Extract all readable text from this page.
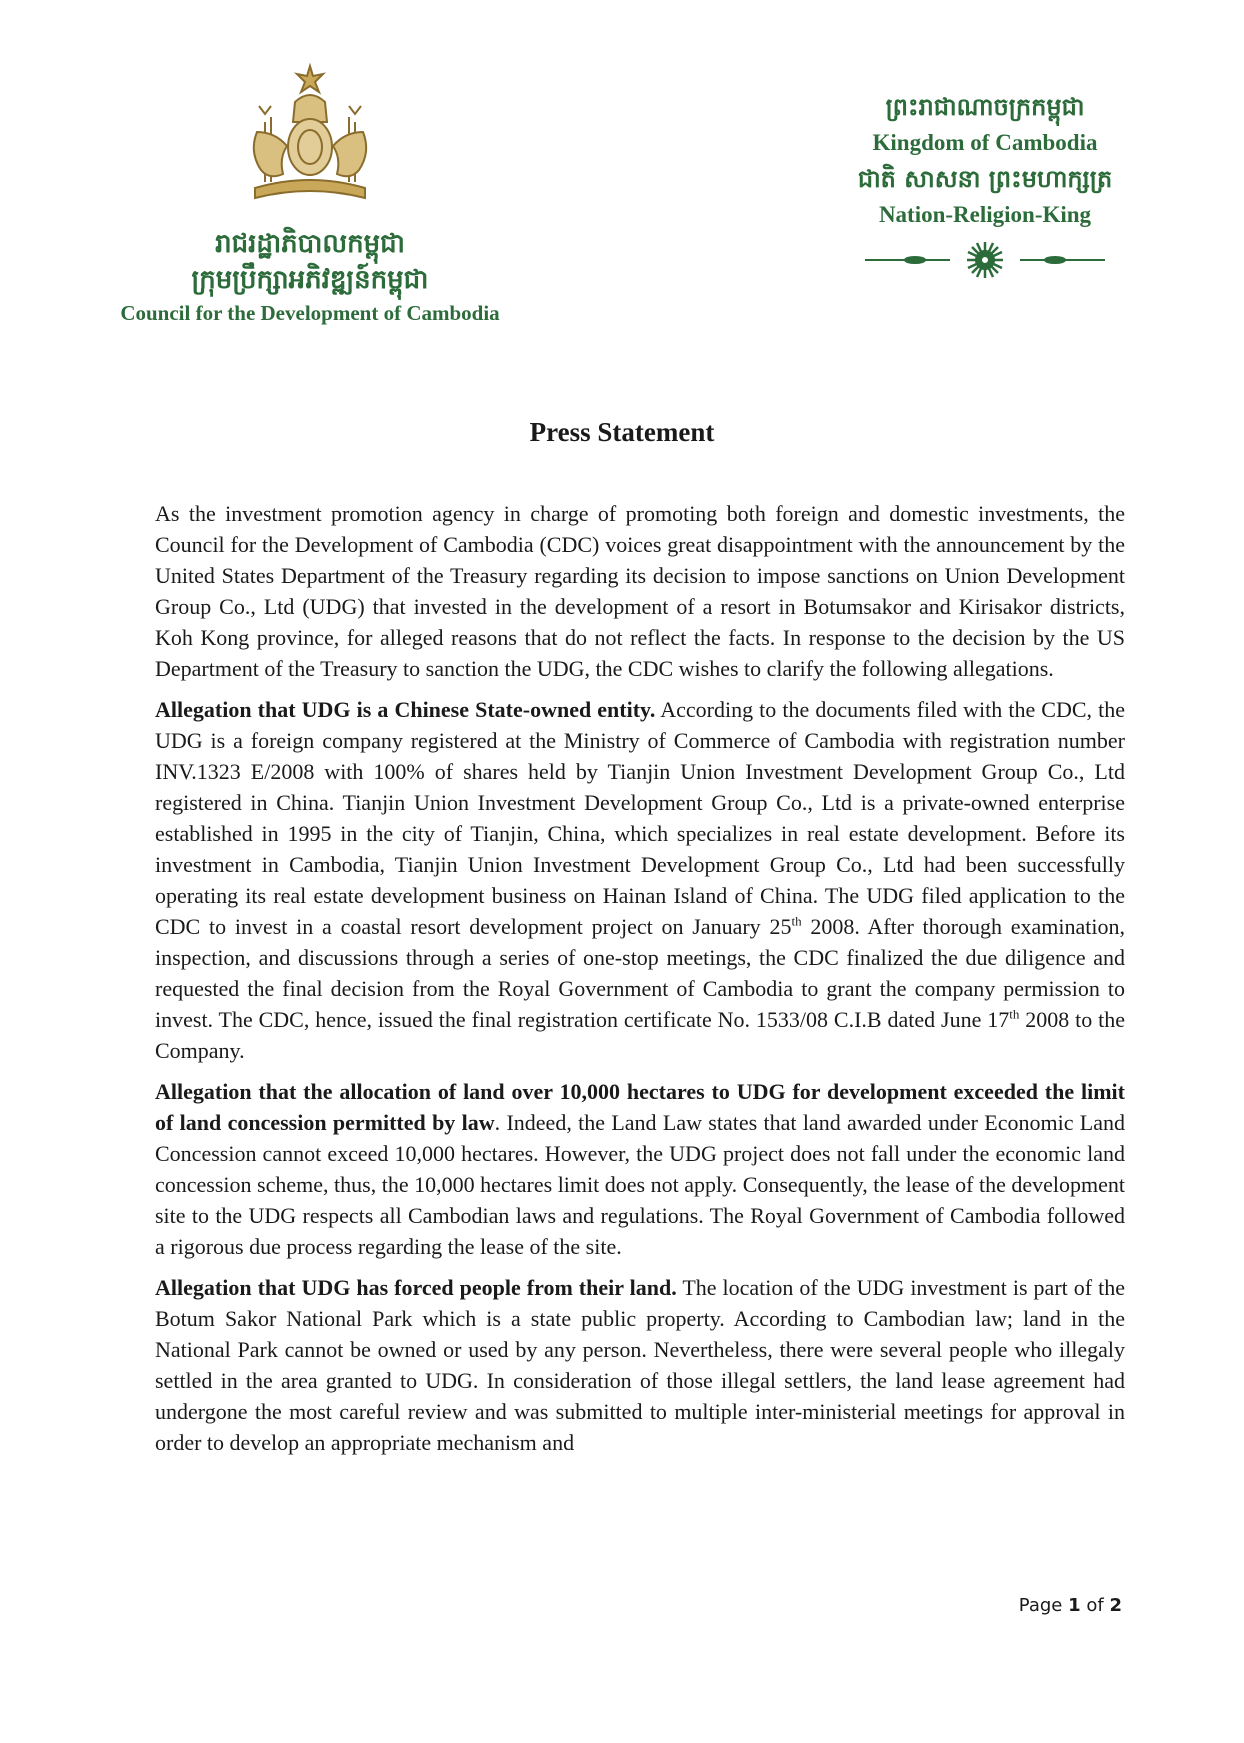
រាជរដ្ឋាភិបាលកម្ពុជា
ក្រុមប្រឹក្សាអភិវឌ្ឍន៍កម្ពុជា
Council for the Development of Cambodia
ព្រះរាជាណាចក្រកម្ពុជា
Kingdom of Cambodia
ជាតិ សាសនា ព្រះមហាក្សត្រ
Nation-Religion-King
Press Statement

As the investment promotion agency in charge of promoting both foreign and domestic investments, the Council for the Development of Cambodia (CDC) voices great disappointment with the announcement by the United States Department of the Treasury regarding its decision to impose sanctions on Union Development Group Co., Ltd (UDG) that invested in the development of a resort in Botumsakor and Kirisakor districts, Koh Kong province, for alleged reasons that do not reflect the facts. In response to the decision by the US Department of the Treasury to sanction the UDG, the CDC wishes to clarify the following allegations.

Allegation that UDG is a Chinese State-owned entity. According to the documents filed with the CDC, the UDG is a foreign company registered at the Ministry of Commerce of Cambodia with registration number INV.1323 E/2008 with 100% of shares held by Tianjin Union Investment Development Group Co., Ltd registered in China. Tianjin Union Investment Development Group Co., Ltd is a private-owned enterprise established in 1995 in the city of Tianjin, China, which specializes in real estate development. Before its investment in Cambodia, Tianjin Union Investment Development Group Co., Ltd had been successfully operating its real estate development business on Hainan Island of China. The UDG filed application to the CDC to invest in a coastal resort development project on January 25th 2008. After thorough examination, inspection, and discussions through a series of one-stop meetings, the CDC finalized the due diligence and requested the final decision from the Royal Government of Cambodia to grant the company permission to invest. The CDC, hence, issued the final registration certificate No. 1533/08 C.I.B dated June 17th 2008 to the Company.

Allegation that the allocation of land over 10,000 hectares to UDG for development exceeded the limit of land concession permitted by law. Indeed, the Land Law states that land awarded under Economic Land Concession cannot exceed 10,000 hectares. However, the UDG project does not fall under the economic land concession scheme, thus, the 10,000 hectares limit does not apply. Consequently, the lease of the development site to the UDG respects all Cambodian laws and regulations. The Royal Government of Cambodia followed a rigorous due process regarding the lease of the site.

Allegation that UDG has forced people from their land. The location of the UDG investment is part of the Botum Sakor National Park which is a state public property. According to Cambodian law; land in the National Park cannot be owned or used by any person. Nevertheless, there were several people who illegaly settled in the area granted to UDG. In consideration of those illegal settlers, the land lease agreement had undergone the most careful review and was submitted to multiple inter-ministerial meetings for approval in order to develop an appropriate mechanism and

Page 1 of 2
